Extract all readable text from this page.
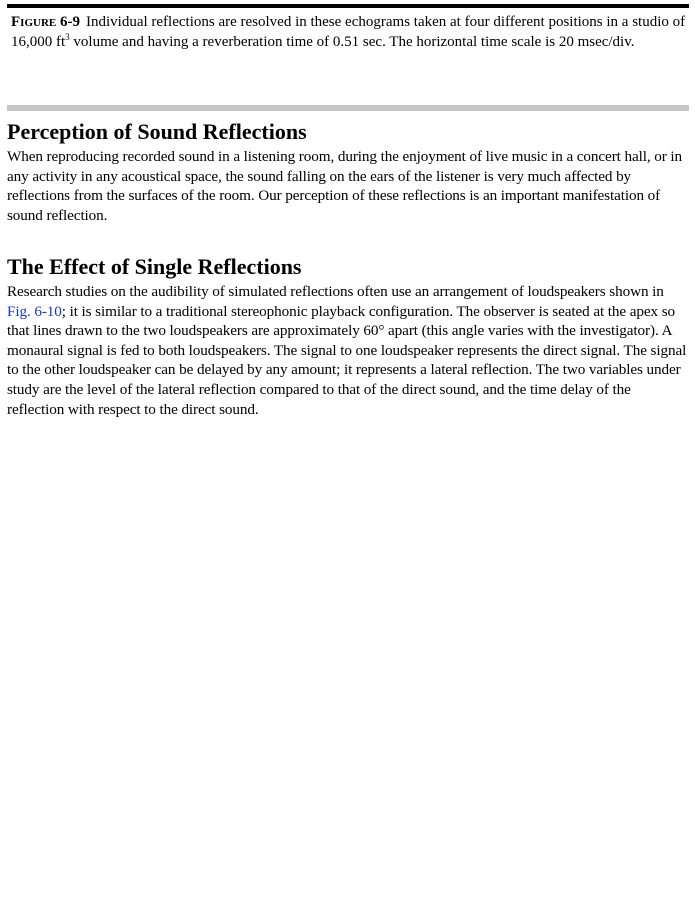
Figure 6-9 Individual reflections are resolved in these echograms taken at four different positions in a studio of 16,000 $ft^3$ volume and having a reverberation time of 0.51 sec. The horizontal time scale is 20 msec/div.

Perception of Sound Reflections

When reproducing recorded sound in a listening room, during the enjoyment of live music in a concert hall, or in any activity in any acoustical space, the sound falling on the ears of the listener is very much affected by reflections from the surfaces of the room. Our perception of these reflections is an important manifestation of sound reflection.

The Effect of Single Reflections

Research studies on the audibility of simulated reflections often use an arrangement of loudspeakers shown in Fig. 6-10; it is similar to a traditional stereophonic playback configuration. The observer is seated at the apex so that lines drawn to the two loudspeakers are approximately 60° apart (this angle varies with the investigator). A monaural signal is fed to both loudspeakers. The signal to one loudspeaker represents the direct signal. The signal to the other loudspeaker can be delayed by any amount; it represents a lateral reflection. The two variables under study are the level of the lateral reflection compared to that of the direct sound, and the time delay of the reflection with respect to the direct sound.
